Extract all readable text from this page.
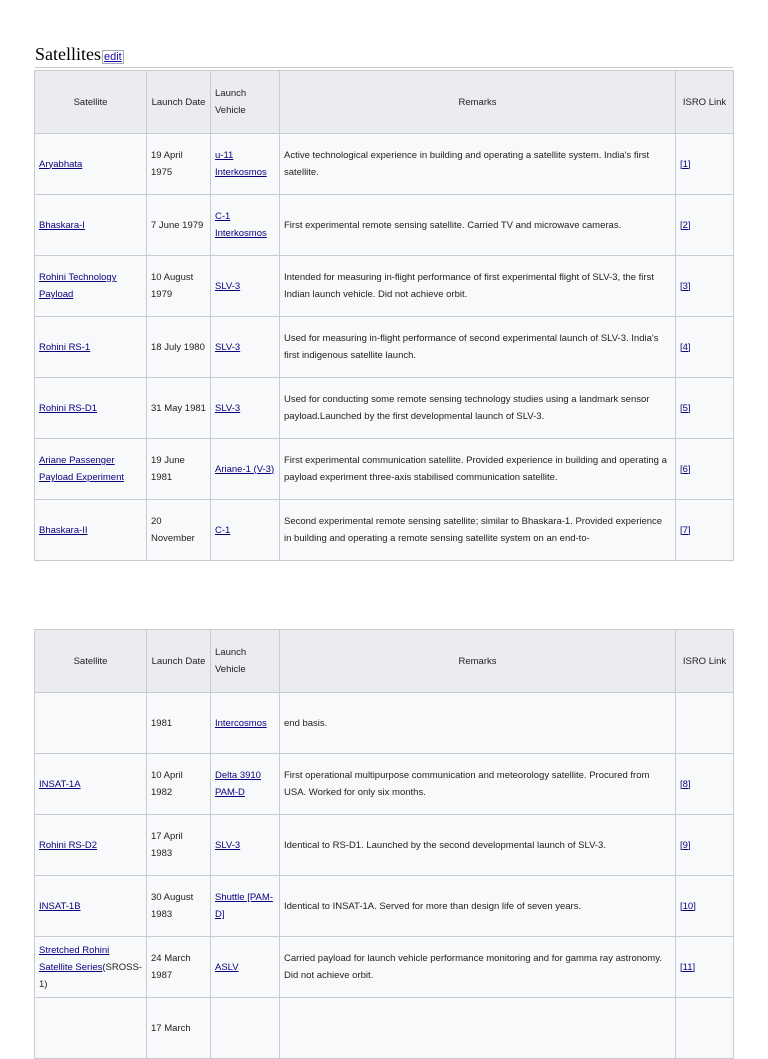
Satellites edit
Satellite	Launch Date	Launch Vehicle	Remarks	ISRO Link
Aryabhata	19 April 1975	u-11 Interkosmos	Active technological experience in building and operating a satellite system. India's first satellite.	[1]
Bhaskara-I	7 June 1979	C-1 Interkosmos	First experimental remote sensing satellite. Carried TV and microwave cameras.	[2]
Rohini Technology Payload	10 August 1979	SLV-3	Intended for measuring in-flight performance of first experimental flight of SLV-3, the first Indian launch vehicle. Did not achieve orbit.	[3]
Rohini RS-1	18 July 1980	SLV-3	Used for measuring in-flight performance of second experimental launch of SLV-3. India's first indigenous satellite launch.	[4]
Rohini RS-D1	31 May 1981	SLV-3	Used for conducting some remote sensing technology studies using a landmark sensor payload.Launched by the first developmental launch of SLV-3.	[5]
Ariane Passenger Payload Experiment	19 June 1981	Ariane-1 (V-3)	First experimental communication satellite. Provided experience in building and operating a payload experiment three-axis stabilised communication satellite.	[6]
Bhaskara-II	20 November	C-1	Second experimental remote sensing satellite; similar to Bhaskara-1. Provided experience in building and operating a remote sensing satellite system on an end-to-	[7]
Satellite	Launch Date	Launch Vehicle	Remarks	ISRO Link
	1981	Intercosmos	end basis.	
INSAT-1A	10 April 1982	Delta 3910 PAM-D	First operational multipurpose communication and meteorology satellite. Procured from USA. Worked for only six months.	[8]
Rohini RS-D2	17 April 1983	SLV-3	Identical to RS-D1. Launched by the second developmental launch of SLV-3.	[9]
INSAT-1B	30 August 1983	Shuttle [PAM-D]	Identical to INSAT-1A. Served for more than design life of seven years.	[10]
Stretched Rohini Satellite Series(SROSS-1)	24 March 1987	ASLV	Carried payload for launch vehicle performance monitoring and for gamma ray astronomy. Did not achieve orbit.	[11]
	17 March			
